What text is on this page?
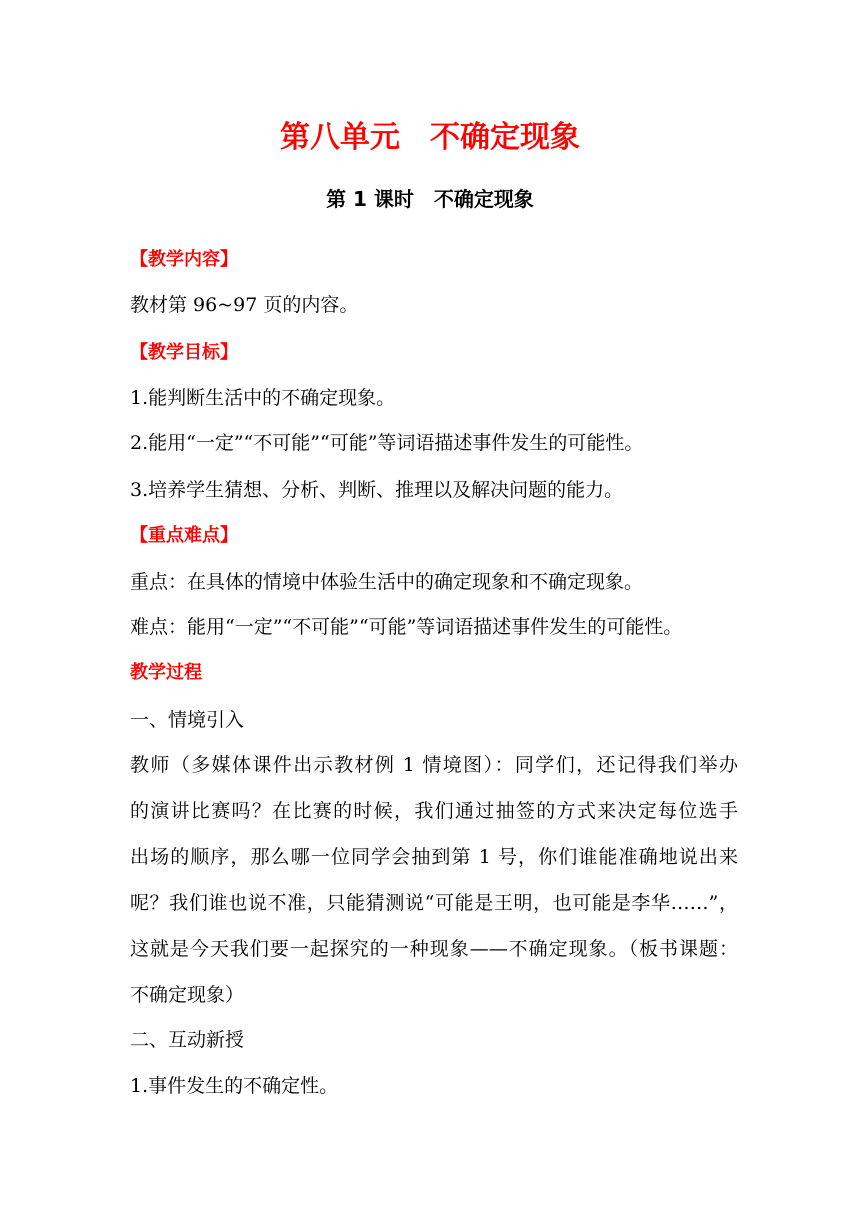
第八单元　不确定现象
第 1 课时　不确定现象
【教学内容】
教材第 96~97 页的内容。
【教学目标】
1.能判断生活中的不确定现象。
2.能用“一定”“不可能”“可能”等词语描述事件发生的可能性。
3.培养学生猜想、分析、判断、推理以及解决问题的能力。
【重点难点】
重点：在具体的情境中体验生活中的确定现象和不确定现象。
难点：能用“一定”“不可能”“可能”等词语描述事件发生的可能性。
教学过程
一、情境引入
教师（多媒体课件出示教材例 1 情境图）：同学们，还记得我们举办
的演讲比赛吗？在比赛的时候，我们通过抽签的方式来决定每位选手
出场的顺序，那么哪一位同学会抽到第 1 号，你们谁能准确地说出来
呢？我们谁也说不准，只能猜测说“可能是王明，也可能是李华……”，
这就是今天我们要一起探究的一种现象——不确定现象。（板书课题：
不确定现象）
二、互动新授
1.事件发生的不确定性。
